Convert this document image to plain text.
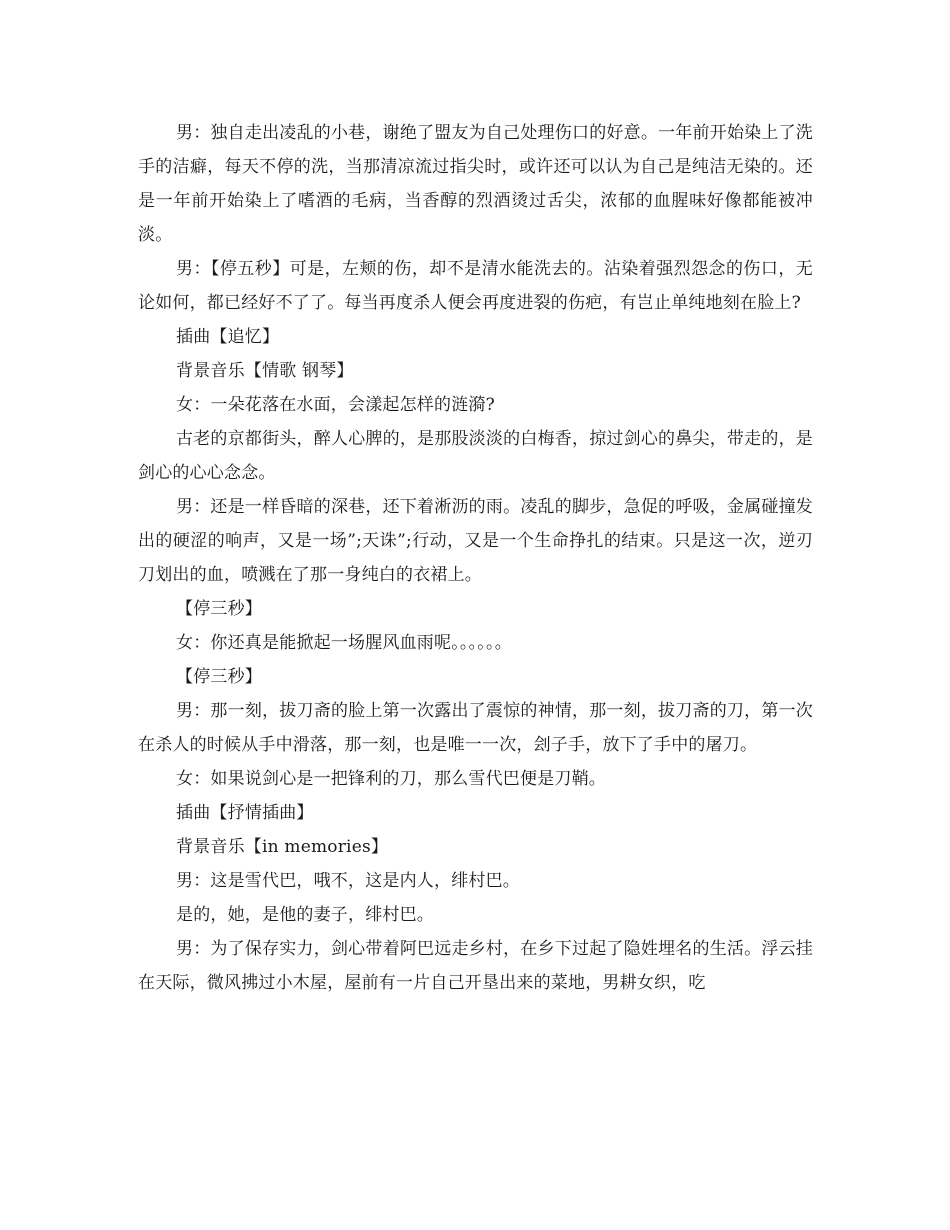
男：独自走出凌乱的小巷，谢绝了盟友为自己处理伤口的好意。一年前开始染上了洗手的洁癖，每天不停的洗，当那清凉流过指尖时，或许还可以认为自己是纯洁无染的。还是一年前开始染上了嗜酒的毛病，当香醇的烈酒烫过舌尖，浓郁的血腥味好像都能被冲淡。

男：【停五秒】可是，左颊的伤，却不是清水能洗去的。沾染着强烈怨念的伤口，无论如何，都已经好不了了。每当再度杀人便会再度进裂的伤疤，有岂止单纯地刻在脸上?

插曲【追忆】

背景音乐【情歌 钢琴】

女：一朵花落在水面，会漾起怎样的涟漪?

古老的京都街头，醉人心脾的，是那股淡淡的白梅香，掠过剑心的鼻尖，带走的，是剑心的心心念念。

男：还是一样昏暗的深巷，还下着淅沥的雨。凌乱的脚步，急促的呼吸，金属碰撞发出的硬涩的响声，又是一场”;天诛”;行动，又是一个生命挣扎的结束。只是这一次，逆刃刀划出的血，喷溅在了那一身纯白的衣裙上。

【停三秒】

女：你还真是能掀起一场腥风血雨呢。。。。。。

【停三秒】

男：那一刻，拔刀斋的脸上第一次露出了震惊的神情，那一刻，拔刀斋的刀，第一次在杀人的时候从手中滑落，那一刻，也是唯一一次，刽子手，放下了手中的屠刀。

女：如果说剑心是一把锋利的刀，那么雪代巴便是刀鞘。

插曲【抒情插曲】

背景音乐【in memories】

男：这是雪代巴，哦不，这是内人，绯村巴。

是的，她，是他的妻子，绯村巴。

男：为了保存实力，剑心带着阿巴远走乡村，在乡下过起了隐姓埋名的生活。浮云挂在天际，微风拂过小木屋，屋前有一片自己开垦出来的菜地，男耕女织，吃
